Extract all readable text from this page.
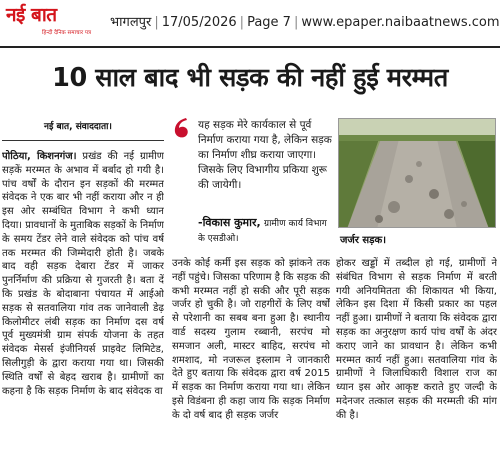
नई बात
हिन्दी दैनिक समाचार पत्र
भागलपुर | 17/05/2026 | Page 7 | www.epaper.naibaatnews.com
10 साल बाद भी सड़क की नहीं हुई मरम्मत
नई बात, संवाददाता।

पोठिया, किशनगंज। प्रखंड की नई ग्रामीण सड़कें मरम्मत के अभाव में बर्बाद हो गयी है। पांच वर्षों के दौरान इन सड़कों की मरम्मत संवेदक ने एक बार भी नहीं कराया और न ही इस ओर सम्बंधित विभाग ने कभी ध्यान दिया। प्रावधानों के मुताबिक सड़कों के निर्माण के समय टेंडर लेने वाले संवेदक को पांच वर्ष तक मरम्मत की जिम्मेदारी होती है। जबके बाद वही सड़क देबारा टेंडर में जाकर पुनर्निर्माण की प्रक्रिया से गुजरती है। बता दें कि प्रखंड के बोदाबाना पंचायत में आईओ सड़क से सतवालिया गांव तक जानेवाली डेढ़ किलोमीटर लंबी सड़क का निर्माण दस वर्ष पूर्व मुख्यमंत्री ग्राम संपर्क योजना के तहत संवेदक मेसर्स इंजीनियर्स प्राइवेट लिमिटेड, सिलीगुड़ी के द्वारा कराया गया था। जिसकी स्थिति वर्षों से बेहद खराब है। ग्रामीणों का कहना है कि सड़क निर्माण के बाद संवेदक वा

यह सड़क मेरे कार्यकाल से पूर्व निर्माण कराया गया है, लेकिन सड़क का निर्माण शीघ्र कराया जाएगा। जिसके लिए विभागीय प्रकिया शुरू की जायेगी।
-विकास कुमार, ग्रामीण कार्य विभाग के एसडीओ।	जर्जर सड़क।

उनके कोई कर्मी इस सड़क को झांकने तक नहीं पहुंचे। जिसका परिणाम है कि सड़क की कभी मरम्मत नहीं हो सकी और पूरी सड़क जर्जर हो चुकी है। जो राहगीरों के लिए वर्षों से परेशानी का सबब बना हुआ है। स्थानीय वार्ड सदस्य गुलाम रब्बानी, सरपंच मो समजान अली, मास्टर बाहिद, सरपंच मो शमशाद, मो नजरूल इस्लाम ने जानकारी देते हुए बताया कि संवेदक द्वारा वर्ष 2015 में सड़क का निर्माण कराया गया था। लेकिन इसे विडंबना ही कहा जाय कि सड़क निर्माण के दो वर्ष बाद ही सड़क जर्जर

होकर खड्डों में तब्दील हो गई, ग्रामीणों ने संबंधित विभाग से सड़क निर्माण में बरती गयी अनियमितता की शिकायत भी किया, लेकिन इस दिशा में किसी प्रकार का पहल नहीं हुआ। ग्रामीणों ने बताया कि संवेदक द्वारा सड़क का अनुरक्षण कार्य पांच वर्षों के अंदर कराए जाने का प्रावधान है। लेकिन कभी मरम्मत कार्य नहीं हुआ। सतवालिया गांव के ग्रामीणों ने जिलाधिकारी विशाल राज का ध्यान इस ओर आकृष्ट कराते हुए जल्दी के मदेनजर तत्काल सड़क की मरम्मती की मांग की है।
